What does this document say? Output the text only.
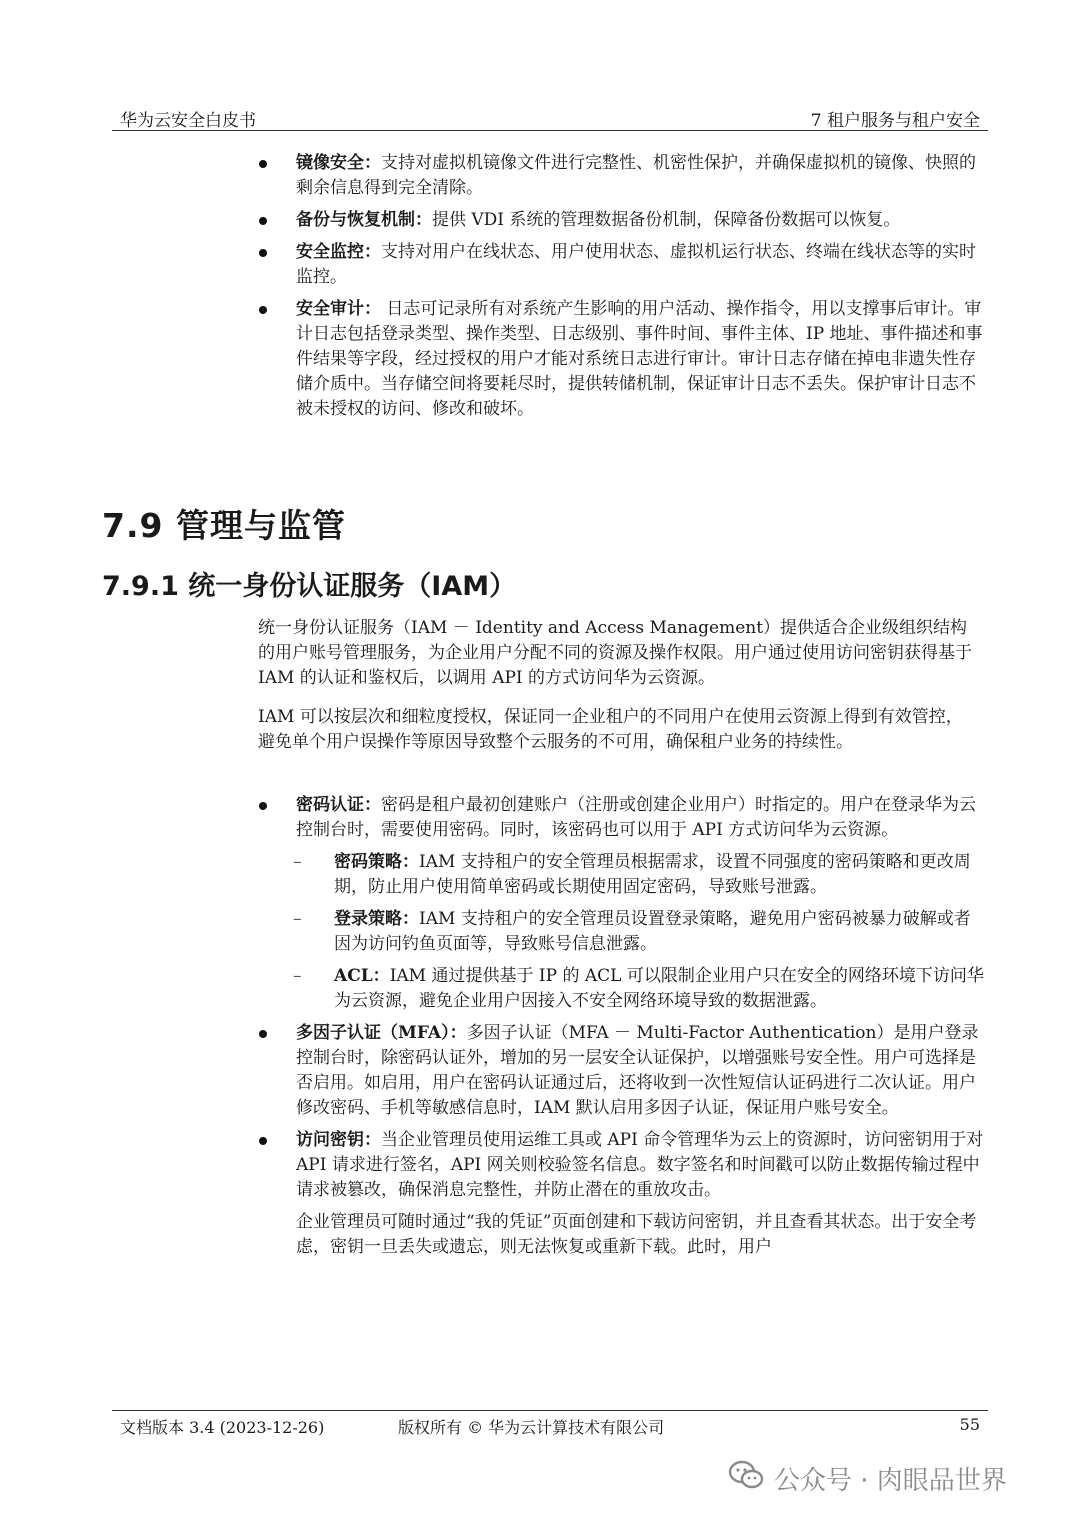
华为云安全白皮书	7 租户服务与租户安全
镜像安全：支持对虚拟机镜像文件进行完整性、机密性保护，并确保虚拟机的镜像、快照的剩余信息得到完全清除。
备份与恢复机制：提供 VDI 系统的管理数据备份机制，保障备份数据可以恢复。
安全监控：支持对用户在线状态、用户使用状态、虚拟机运行状态、终端在线状态等的实时监控。
安全审计： 日志可记录所有对系统产生影响的用户活动、操作指令，用以支撑事后审计。审计日志包括登录类型、操作类型、日志级别、事件时间、事件主体、IP 地址、事件描述和事件结果等字段，经过授权的用户才能对系统日志进行审计。审计日志存储在掉电非遗失性存储介质中。当存储空间将要耗尽时，提供转储机制，保证审计日志不丢失。保护审计日志不被未授权的访问、修改和破坏。
7.9 管理与监管
7.9.1 统一身份认证服务（IAM）
统一身份认证服务（IAM － Identity and Access Management）提供适合企业级组织结构的用户账号管理服务，为企业用户分配不同的资源及操作权限。用户通过使用访问密钥获得基于 IAM 的认证和鉴权后，以调用 API 的方式访问华为云资源。
IAM 可以按层次和细粒度授权，保证同一企业租户的不同用户在使用云资源上得到有效管控，避免单个用户误操作等原因导致整个云服务的不可用，确保租户业务的持续性。
密码认证：密码是租户最初创建账户（注册或创建企业用户）时指定的。用户在登录华为云控制台时，需要使用密码。同时，该密码也可以用于 API 方式访问华为云资源。
– 密码策略：IAM 支持租户的安全管理员根据需求，设置不同强度的密码策略和更改周期，防止用户使用简单密码或长期使用固定密码，导致账号泄露。
– 登录策略：IAM 支持租户的安全管理员设置登录策略，避免用户密码被暴力破解或者因为访问钓鱼页面等，导致账号信息泄露。
– ACL：IAM 通过提供基于 IP 的 ACL 可以限制企业用户只在安全的网络环境下访问华为云资源，避免企业用户因接入不安全网络环境导致的数据泄露。
多因子认证（MFA）：多因子认证（MFA － Multi-Factor Authentication）是用户登录控制台时，除密码认证外，增加的另一层安全认证保护，以增强账号安全性。用户可选择是否启用。如启用，用户在密码认证通过后，还将收到一次性短信认证码进行二次认证。用户修改密码、手机等敏感信息时，IAM 默认启用多因子认证，保证用户账号安全。
访问密钥：当企业管理员使用运维工具或 API 命令管理华为云上的资源时，访问密钥用于对 API 请求进行签名，API 网关则校验签名信息。数字签名和时间戳可以防止数据传输过程中请求被篡改，确保消息完整性，并防止潜在的重放攻击。
企业管理员可随时通过“我的凭证”页面创建和下载访问密钥，并且查看其状态。出于安全考虑，密钥一旦丢失或遗忘，则无法恢复或重新下载。此时，用户
文档版本 3.4 (2023-12-26)	版权所有 © 华为云计算技术有限公司	55
公众号 · 肉眼品世界
